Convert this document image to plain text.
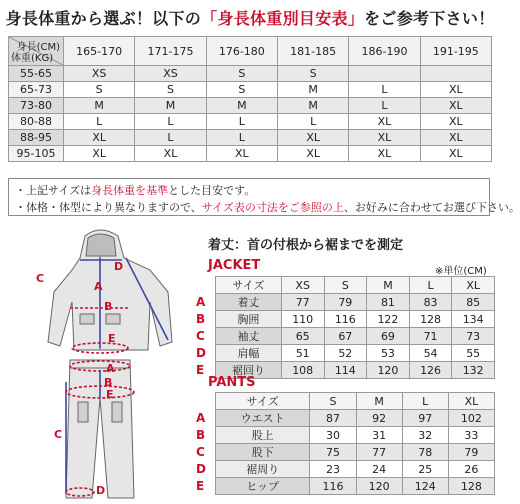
身長体重から選ぶ！以下の「身長体重別目安表」をご参考下さい！
身長(CM)
体重(KG)	165-170	171-175	176-180	181-185	186-190	191-195
55-65	XS	XS	S	S		
65-73	S	S	S	M	L	XL
73-80	M	M	M	M	L	XL
80-88	L	L	L	L	XL	XL
88-95	XL	L	L	XL	XL	XL
95-105	XL	XL	XL	XL	XL	XL

・上記サイズは身長体重を基準とした目安です。

・体格・体型により異なりますので、サイズ表の寸法をご参照の上、お好みに合わせてお選び下さい。

A
B
C
D
E
A
B
C
D
E
着丈：首の付根から裾までを測定
JACKET	※単位(CM)
A
B
C
D
E
サイズ	XS	S	M	L	XL
着丈	77	79	81	83	85
胸囲	110	116	122	128	134
袖丈	65	67	69	71	73
肩幅	51	52	53	54	55
裾回り	108	114	120	126	132
PANTS
A
B
C
D
E
サイズ	S	M	L	XL
ウエスト	87	92	97	102
股上	30	31	32	33
股下	75	77	78	79
裾周り	23	24	25	26
ヒップ	116	120	124	128
